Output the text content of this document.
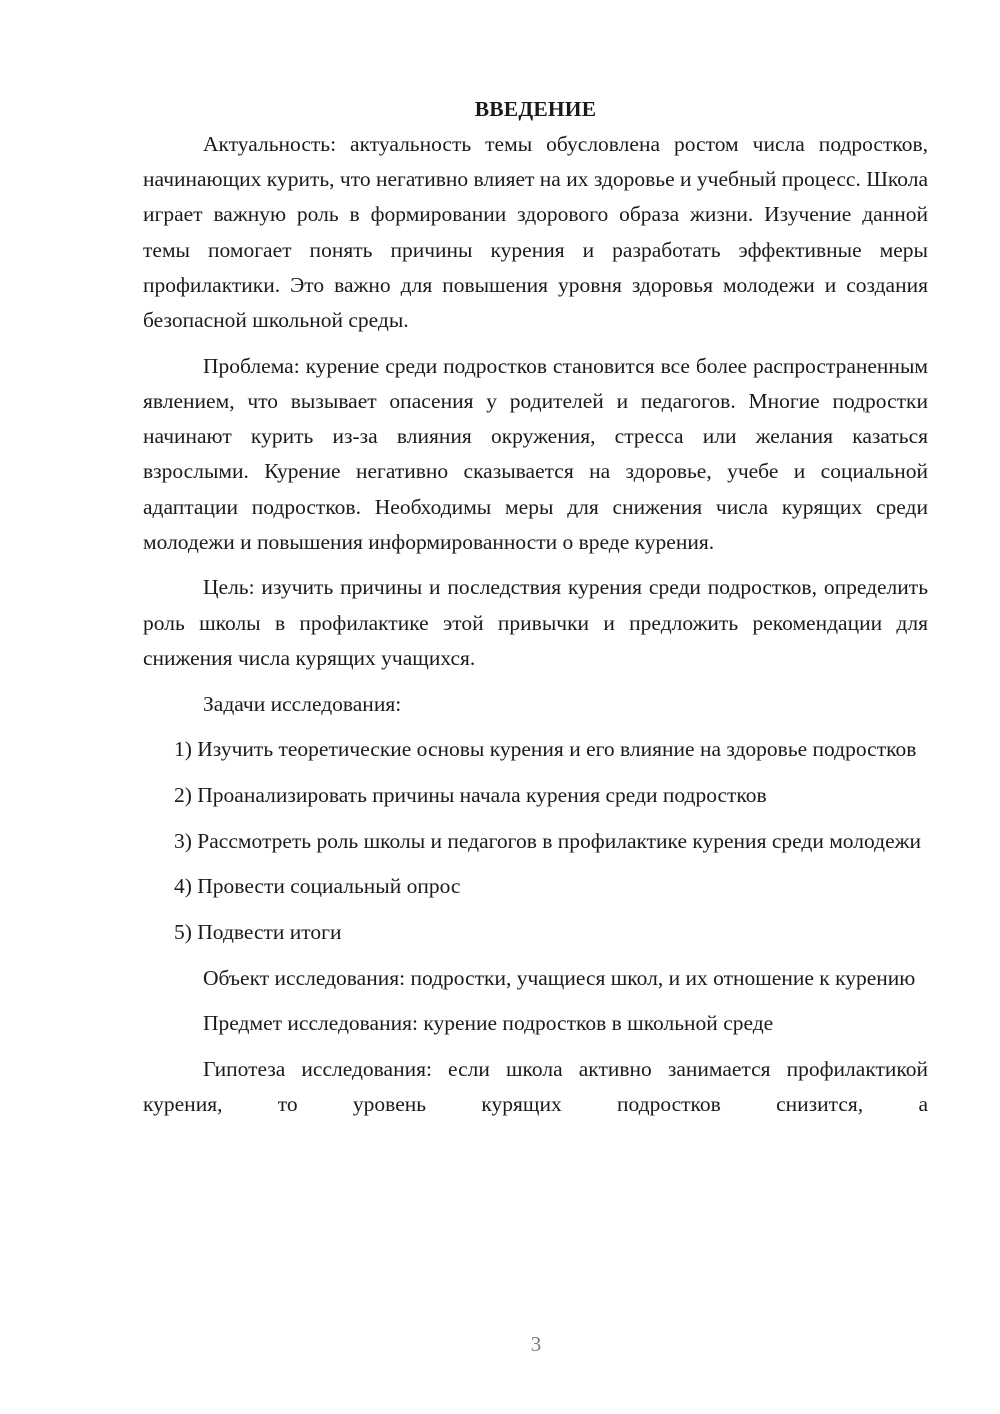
ВВЕДЕНИЕ

Актуальность: актуальность темы обусловлена ростом числа подростков, начинающих курить, что негативно влияет на их здоровье и учебный процесс. Школа играет важную роль в формировании здорового образа жизни. Изучение данной темы помогает понять причины курения и разработать эффективные меры профилактики. Это важно для повышения уровня здоровья молодежи и создания безопасной школьной среды.

Проблема: курение среди подростков становится все более распространенным явлением, что вызывает опасения у родителей и педагогов. Многие подростки начинают курить из-за влияния окружения, стресса или желания казаться взрослыми. Курение негативно сказывается на здоровье, учебе и социальной адаптации подростков. Необходимы меры для снижения числа курящих среди молодежи и повышения информированности о вреде курения.

Цель: изучить причины и последствия курения среди подростков, определить роль школы в профилактике этой привычки и предложить рекомендации для снижения числа курящих учащихся.

Задачи исследования:

1) Изучить теоретические основы курения и его влияние на здоровье подростков

2) Проанализировать причины начала курения среди подростков

3) Рассмотреть роль школы и педагогов в профилактике курения среди молодежи

4) Провести социальный опрос

5) Подвести итоги

Объект исследования: подростки, учащиеся школ, и их отношение к курению

Предмет исследования: курение подростков в школьной среде

Гипотеза исследования: если школа активно занимается профилактикой курения, то уровень курящих подростков снизится, а

3
